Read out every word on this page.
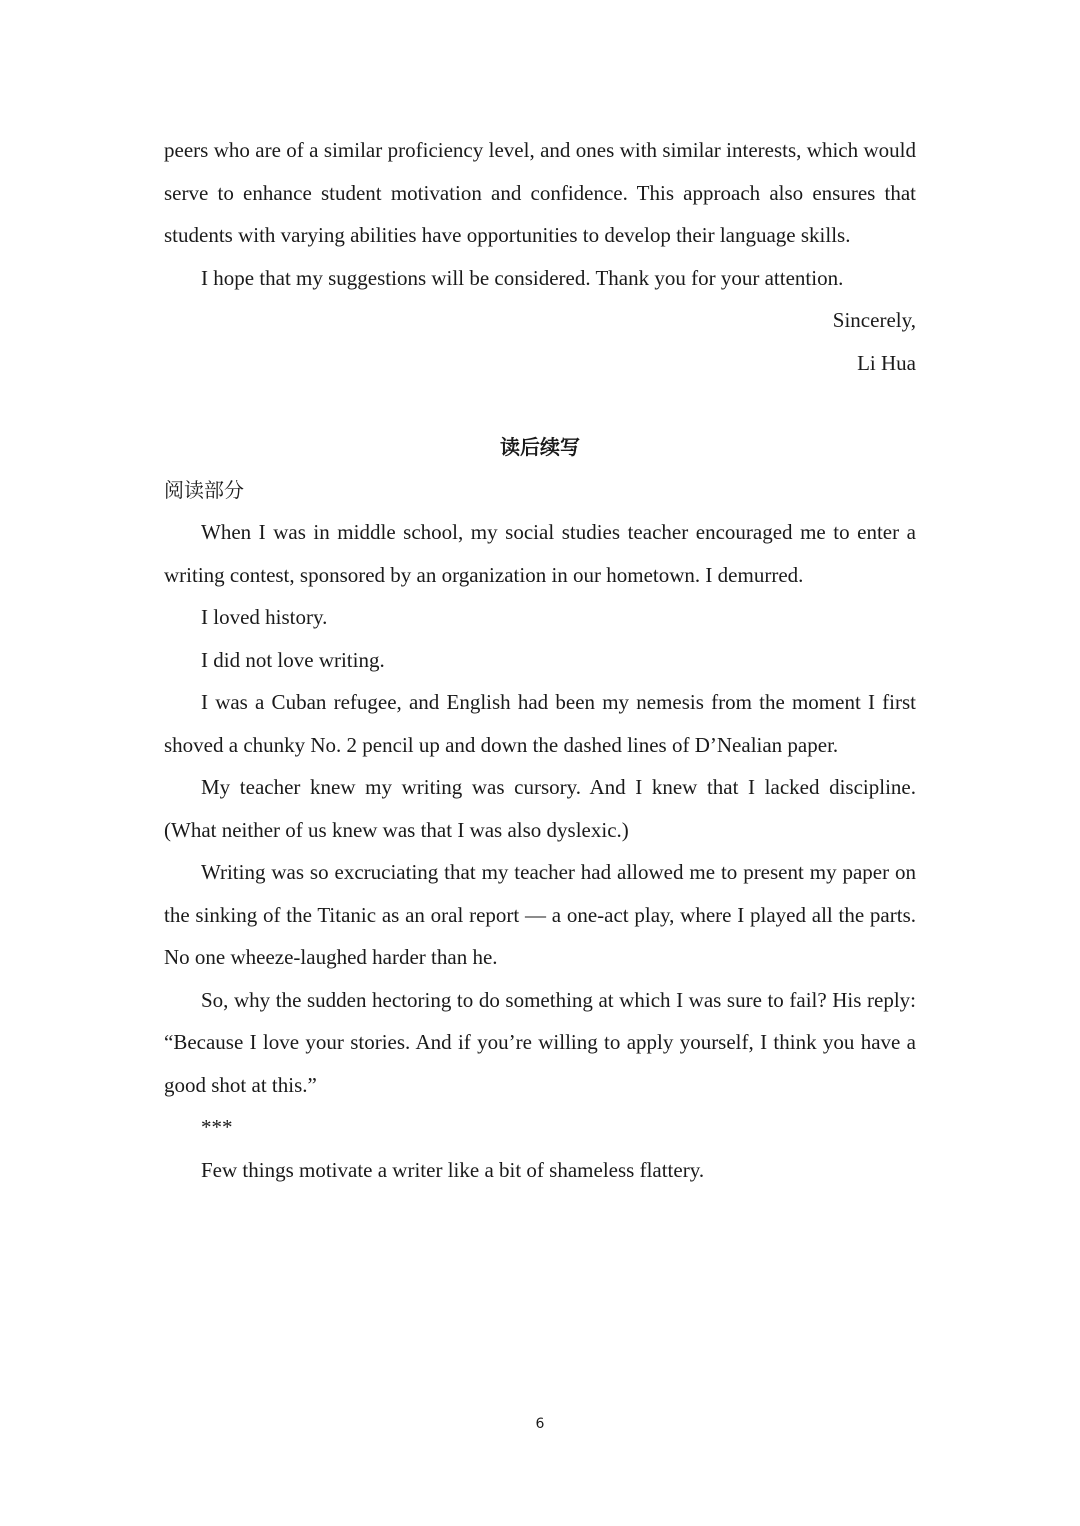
peers who are of a similar proficiency level, and ones with similar interests, which would serve to enhance student motivation and confidence. This approach also ensures that students with varying abilities have opportunities to develop their language skills.

I hope that my suggestions will be considered. Thank you for your attention.

Sincerely,

Li Hua

读后续写

阅读部分

When I was in middle school, my social studies teacher encouraged me to enter a writing contest, sponsored by an organization in our hometown. I demurred.

I loved history.

I did not love writing.

I was a Cuban refugee, and English had been my nemesis from the moment I first shoved a chunky No. 2 pencil up and down the dashed lines of D’Nealian paper.

My teacher knew my writing was cursory. And I knew that I lacked discipline. (What neither of us knew was that I was also dyslexic.)

Writing was so excruciating that my teacher had allowed me to present my paper on the sinking of the Titanic as an oral report — a one-act play, where I played all the parts. No one wheeze-laughed harder than he.

So, why the sudden hectoring to do something at which I was sure to fail? His reply: “Because I love your stories. And if you’re willing to apply yourself, I think you have a good shot at this.”

***

Few things motivate a writer like a bit of shameless flattery.

6
